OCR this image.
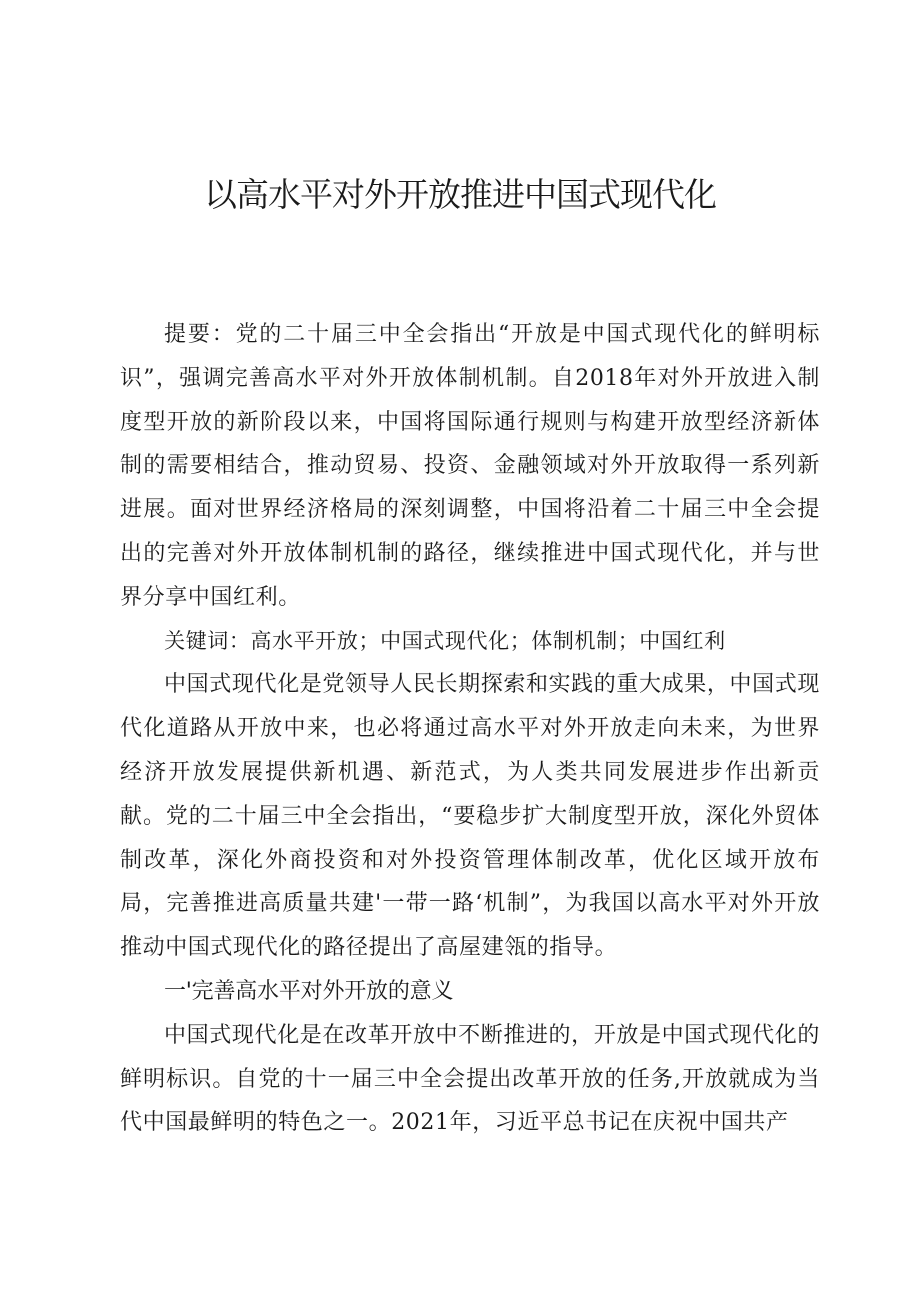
以高水平对外开放推进中国式现代化

提要：党的二十届三中全会指出“开放是中国式现代化的鲜明标识”，强调完善高水平对外开放体制机制。自2018年对外开放进入制度型开放的新阶段以来，中国将国际通行规则与构建开放型经济新体制的需要相结合，推动贸易、投资、金融领域对外开放取得一系列新进展。面对世界经济格局的深刻调整，中国将沿着二十届三中全会提出的完善对外开放体制机制的路径，继续推进中国式现代化，并与世界分享中国红利。

关键词：高水平开放；中国式现代化；体制机制；中国红利

中国式现代化是党领导人民长期探索和实践的重大成果，中国式现代化道路从开放中来，也必将通过高水平对外开放走向未来，为世界经济开放发展提供新机遇、新范式，为人类共同发展进步作出新贡献。党的二十届三中全会指出，“要稳步扩大制度型开放，深化外贸体制改革，深化外商投资和对外投资管理体制改革，优化区域开放布局，完善推进高质量共建'一带一路‘机制”，为我国以高水平对外开放推动中国式现代化的路径提出了高屋建瓴的指导。

一'完善高水平对外开放的意义

中国式现代化是在改革开放中不断推进的，开放是中国式现代化的鲜明标识。自党的十一届三中全会提出改革开放的任务,开放就成为当代中国最鲜明的特色之一。2021年，习近平总书记在庆祝中国共产
